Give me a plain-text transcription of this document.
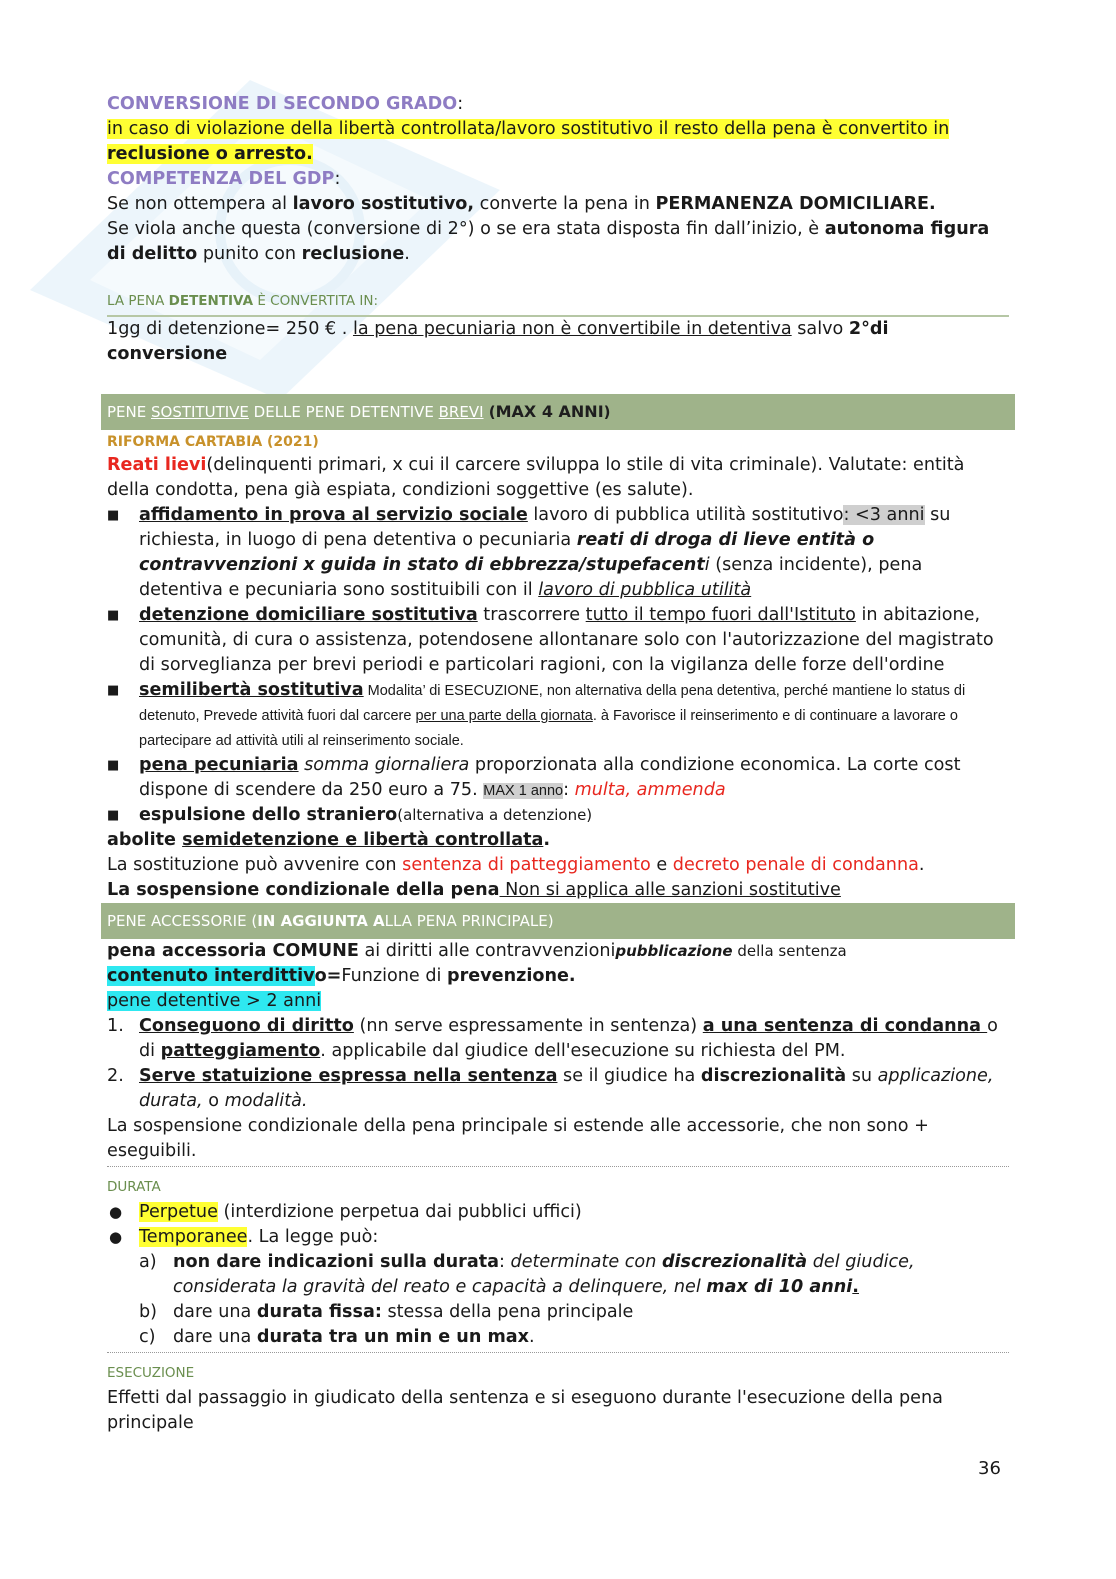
CONVERSIONE DI SECONDO GRADO:

in caso di violazione della libertà controllata/lavoro sostitutivo il resto della pena è convertito in reclusione o arresto.

COMPETENZA DEL GDP:

Se non ottempera al lavoro sostitutivo, converte la pena in PERMANENZA DOMICILIARE.

Se viola anche questa (conversione di 2°) o se era stata disposta fin dall’inizio, è autonoma figura di delitto punito con reclusione.

LA PENA DETENTIVA È CONVERTITA IN:

1gg di detenzione= 250 € . la pena pecuniaria non è convertibile in detentiva salvo 2°di conversione

PENE SOSTITUTIVE DELLE PENE DETENTIVE BREVI (MAX 4 ANNI)

RIFORMA CARTABIA (2021)

Reati lievi(delinquenti primari, x cui il carcere sviluppa lo stile di vita criminale). Valutate: entità della condotta, pena già espiata, condizioni soggettive (es salute).

■ affidamento in prova al servizio sociale lavoro di pubblica utilità sostitutivo: <3 anni su richiesta, in luogo di pena detentiva o pecuniaria reati di droga di lieve entità o contravvenzioni x guida in stato di ebbrezza/stupefacenti (senza incidente), pena detentiva e pecuniaria sono sostituibili con il lavoro di pubblica utilità
■ detenzione domiciliare sostitutiva trascorrere tutto il tempo fuori dall'Istituto in abitazione, comunità, di cura o assistenza, potendosene allontanare solo con l'autorizzazione del magistrato di sorveglianza per brevi periodi e particolari ragioni, con la vigilanza delle forze dell'ordine
■ semilibertà sostitutiva Modalita’ di ESECUZIONE, non alternativa della pena detentiva, perché mantiene lo status di detenuto, Prevede attività fuori dal carcere per una parte della giornata. à Favorisce il reinserimento e di continuare a lavorare o partecipare ad attività utili al reinserimento sociale.
■ pena pecuniaria somma giornaliera proporzionata alla condizione economica. La corte cost dispone di scendere da 250 euro a 75. MAX 1 anno: multa, ammenda
■ espulsione dello straniero(alternativa a detenzione)

abolite semidetenzione e libertà controllata.

La sostituzione può avvenire con sentenza di patteggiamento e decreto penale di condanna.

La sospensione condizionale della pena Non si applica alle sanzioni sostitutive

PENE ACCESSORIE (IN AGGIUNTA ALLA PENA PRINCIPALE)

pena accessoria COMUNE ai diritti alle contravvenzionipubblicazione della sentenza

contenuto interdittivo=Funzione di prevenzione.

pene detentive > 2 anni

1. Conseguono di diritto (nn serve espressamente in sentenza) a una sentenza di condanna o di patteggiamento. applicabile dal giudice dell'esecuzione su richiesta del PM.
2. Serve statuizione espressa nella sentenza se il giudice ha discrezionalità su applicazione, durata, o modalità.

La sospensione condizionale della pena principale si estende alle accessorie, che non sono + eseguibili.

DURATA

● Perpetue (interdizione perpetua dai pubblici uffici)
● Temporanee. La legge può:
a) non dare indicazioni sulla durata: determinate con discrezionalità del giudice, considerata la gravità del reato e capacità a delinquere, nel max di 10 anni.
b) dare una durata fissa: stessa della pena principale
c) dare una durata tra un min e un max.

ESECUZIONE

Effetti dal passaggio in giudicato della sentenza e si eseguono durante l'esecuzione della pena principale

36
